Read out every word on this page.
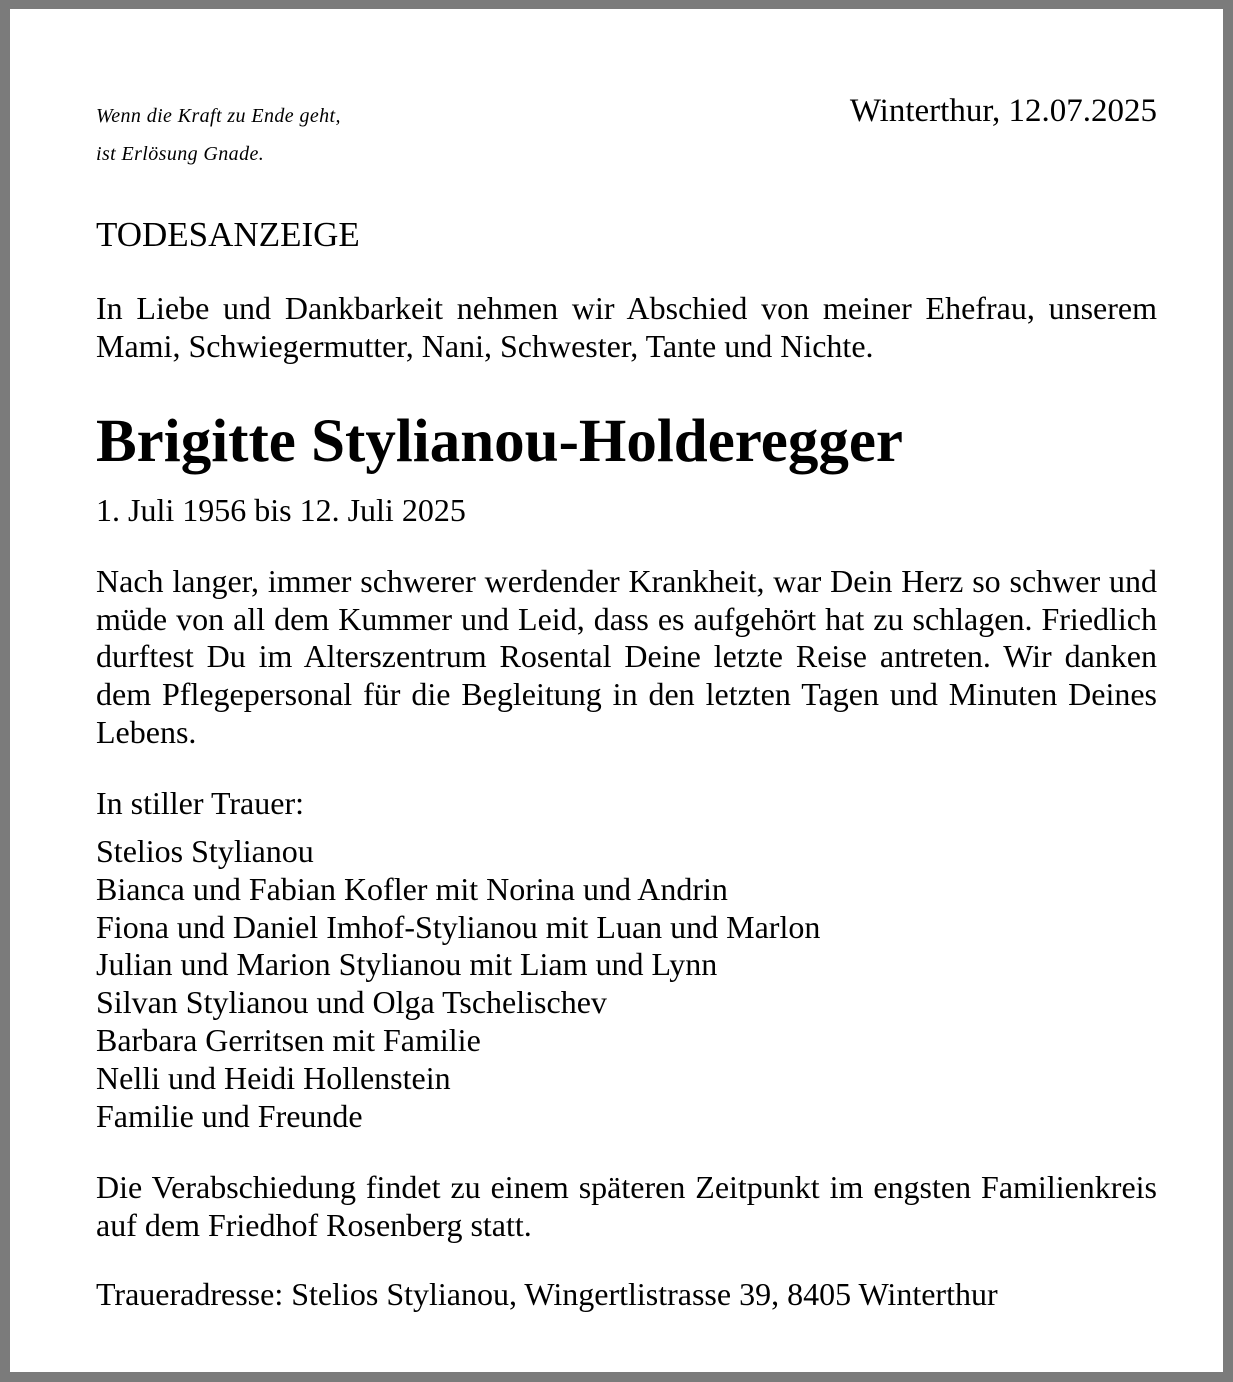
Wenn die Kraft zu Ende geht,
ist Erlösung Gnade.
Winterthur, 12.07.2025
TODESANZEIGE
In Liebe und Dankbarkeit nehmen wir Abschied von meiner Ehefrau, unserem Mami, Schwiegermutter, Nani, Schwester, Tante und Nichte.
Brigitte Stylianou-Holderegger
1. Juli 1956 bis 12. Juli 2025
Nach langer, immer schwerer werdender Krankheit, war Dein Herz so schwer und müde von all dem Kummer und Leid, dass es aufgehört hat zu schlagen. Friedlich durftest Du im Alterszentrum Rosental Deine letzte Reise antreten. Wir danken dem Pflegepersonal für die Begleitung in den letzten Tagen und Minuten Deines Lebens.
In stiller Trauer:
Stelios Stylianou
Bianca und Fabian Kofler mit Norina und Andrin
Fiona und Daniel Imhof-Stylianou mit Luan und Marlon
Julian und Marion Stylianou mit Liam und Lynn
Silvan Stylianou und Olga Tschelischev
Barbara Gerritsen mit Familie
Nelli und Heidi Hollenstein
Familie und Freunde
Die Verabschiedung findet zu einem späteren Zeitpunkt im engsten Familienkreis auf dem Friedhof Rosenberg statt.
Traueradresse: Stelios Stylianou, Wingertlistrasse 39, 8405 Winterthur
